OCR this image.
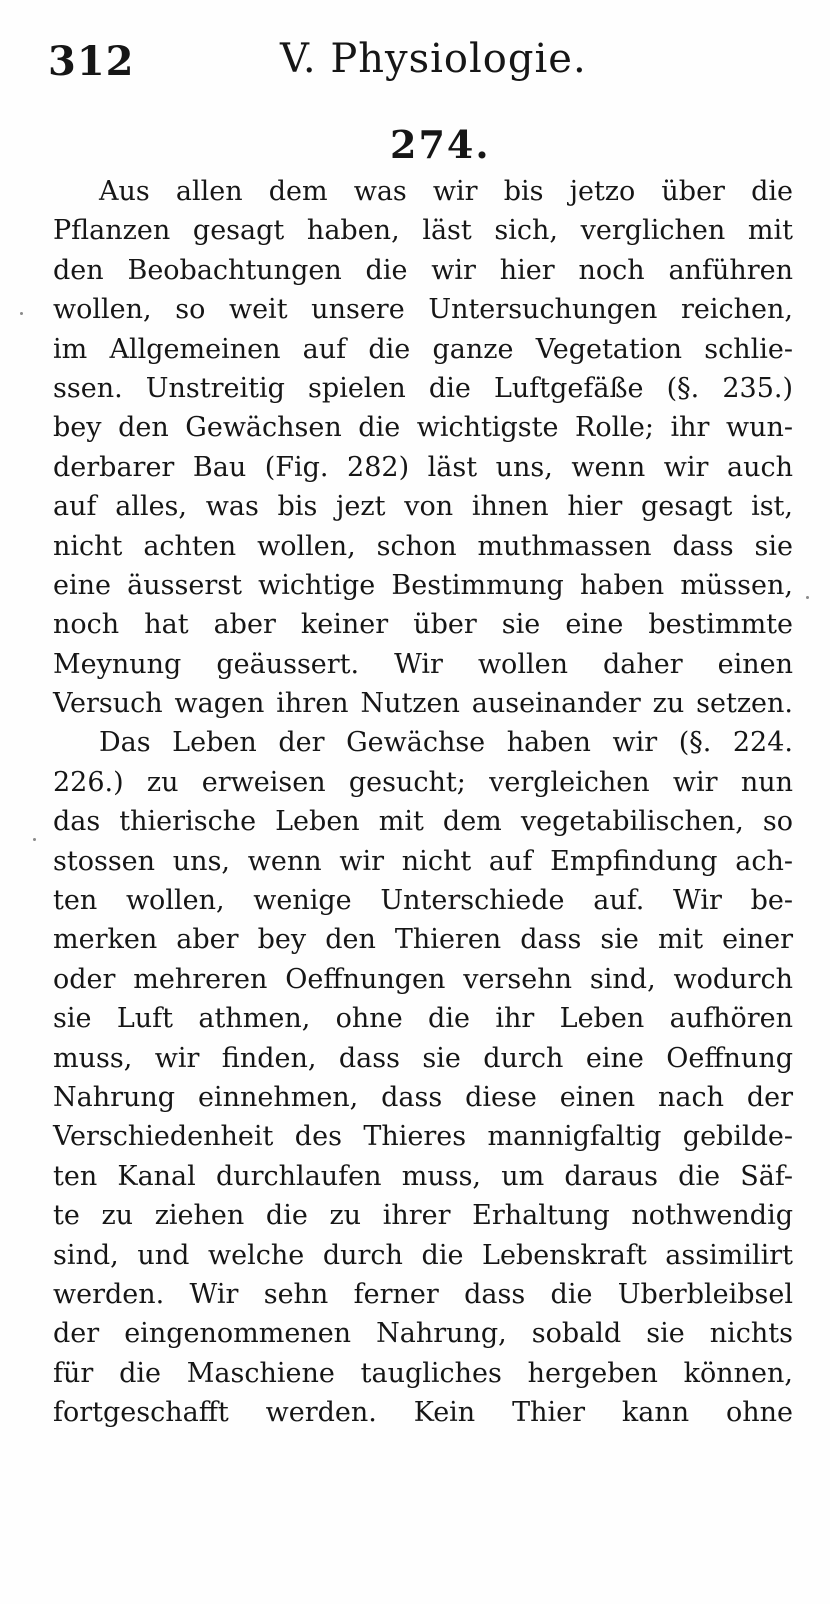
312	V. Physiologie.
274.
Aus allen dem was wir bis jetzo über die
Pflanzen gesagt haben, läst sich, verglichen mit
den Beobachtungen die wir hier noch anführen
wollen, so weit unsere Untersuchungen reichen,
im Allgemeinen auf die ganze Vegetation schlie-
ssen. Unstreitig spielen die Luftgefäße (§. 235.)
bey den Gewächsen die wichtigste Rolle; ihr wun-
derbarer Bau (Fig. 282) läst uns, wenn wir auch
auf alles, was bis jezt von ihnen hier gesagt ist,
nicht achten wollen, schon muthmassen dass sie
eine äusserst wichtige Bestimmung haben müssen,
noch hat aber keiner über sie eine bestimmte
Meynung geäussert. Wir wollen daher einen
Versuch wagen ihren Nutzen auseinander zu setzen.
Das Leben der Gewächse haben wir (§. 224.
226.) zu erweisen gesucht; vergleichen wir nun
das thierische Leben mit dem vegetabilischen, so
stossen uns, wenn wir nicht auf Empfindung ach-
ten wollen, wenige Unterschiede auf. Wir be-
merken aber bey den Thieren dass sie mit einer
oder mehreren Oeffnungen versehn sind, wodurch
sie Luft athmen, ohne die ihr Leben aufhören
muss, wir finden, dass sie durch eine Oeffnung
Nahrung einnehmen, dass diese einen nach der
Verschiedenheit des Thieres mannigfaltig gebilde-
ten Kanal durchlaufen muss, um daraus die Säf-
te zu ziehen die zu ihrer Erhaltung nothwendig
sind, und welche durch die Lebenskraft assimilirt
werden. Wir sehn ferner dass die Uberbleibsel
der eingenommenen Nahrung, sobald sie nichts
für die Maschiene taugliches hergeben können,
fortgeschafft werden. Kein Thier kann ohne
